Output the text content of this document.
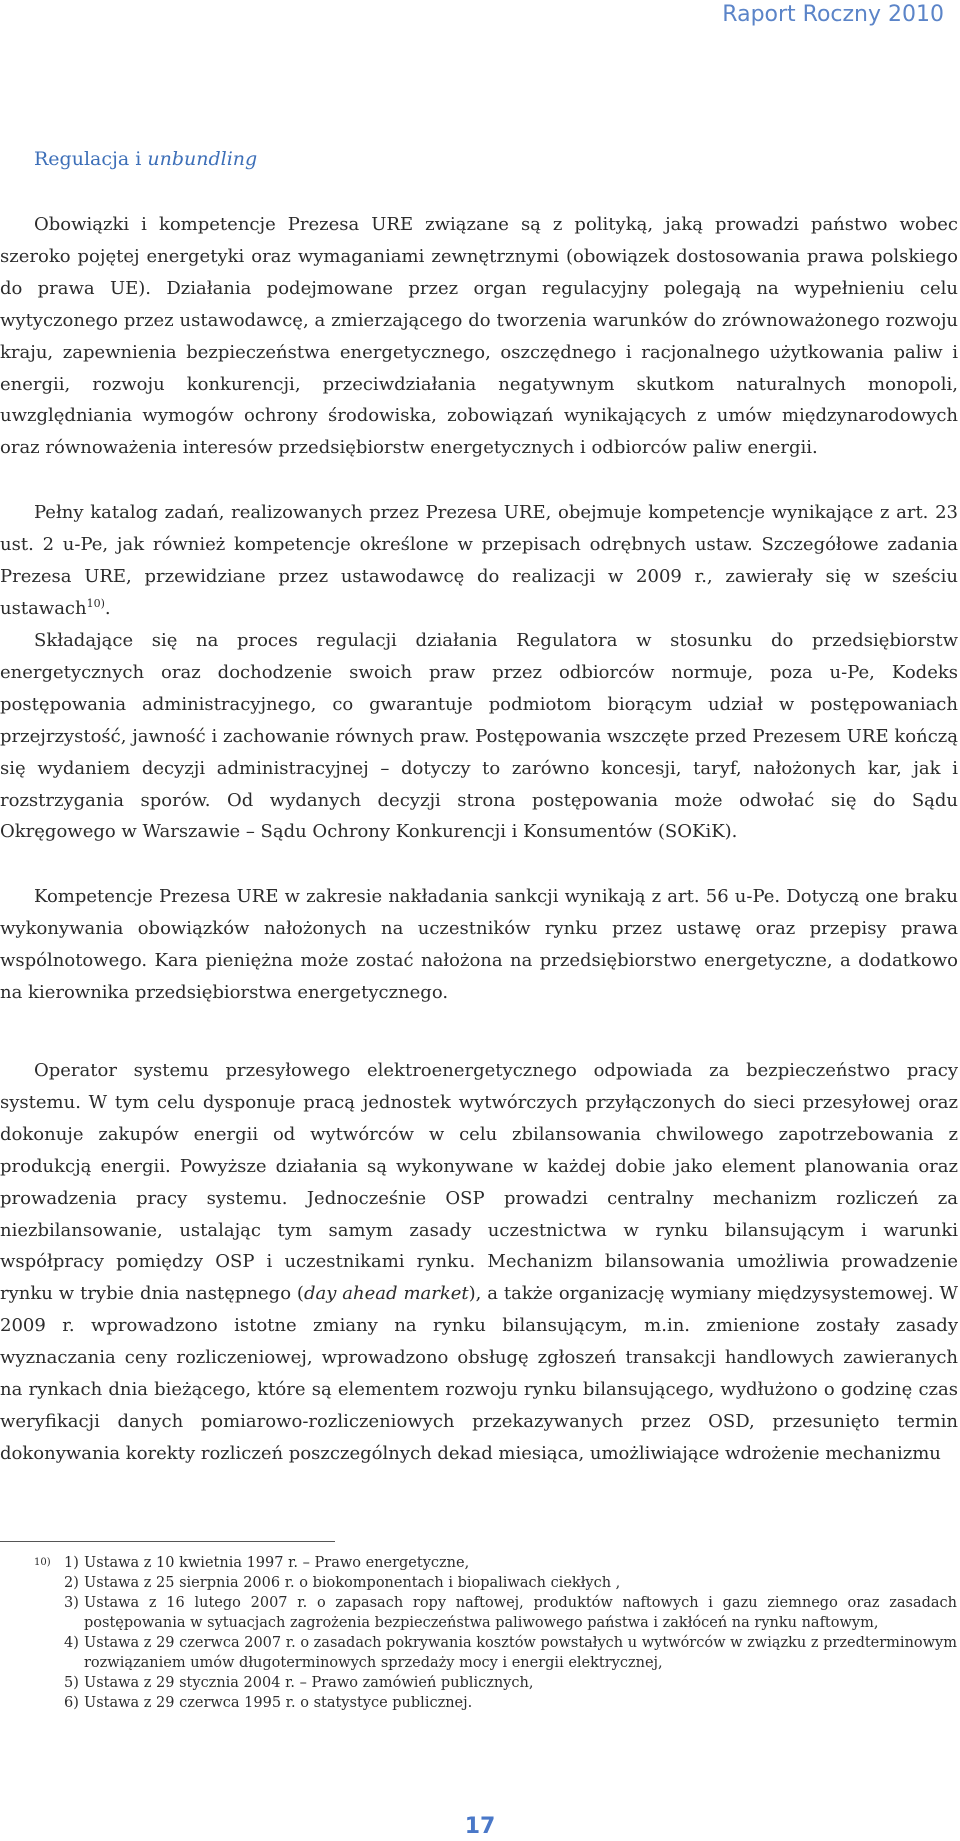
Raport Roczny 2010
Regulacja i unbundling

Obowiązki i kompetencje Prezesa URE związane są z polityką, jaką prowadzi państwo wobec szeroko pojętej energetyki oraz wymaganiami zewnętrznymi (obowiązek dostosowania prawa polskiego do prawa UE). Działania podejmowane przez organ regulacyjny polegają na wypełnieniu celu wytyczonego przez ustawodawcę, a zmierzającego do tworzenia warunków do zrównoważonego rozwoju kraju, zapewnienia bezpieczeństwa energetycznego, oszczędnego i racjonalnego użytkowania paliw i energii, rozwoju konkurencji, przeciwdziałania negatywnym skutkom naturalnych monopoli, uwzględniania wymogów ochrony środowiska, zobowiązań wynikających z umów międzynarodowych oraz równoważenia interesów przedsiębiorstw energetycznych i odbiorców paliw energii.

Pełny katalog zadań, realizowanych przez Prezesa URE, obejmuje kompetencje wynikające z art. 23 ust. 2 u-Pe, jak również kompetencje określone w przepisach odrębnych ustaw. Szczegółowe zadania Prezesa URE, przewidziane przez ustawodawcę do realizacji w 2009 r., zawierały się w sześciu ustawach$^{10)}$.

Składające się na proces regulacji działania Regulatora w stosunku do przedsiębiorstw energetycznych oraz dochodzenie swoich praw przez odbiorców normuje, poza u-Pe, Kodeks postępowania administracyjnego, co gwarantuje podmiotom biorącym udział w postępowaniach przejrzystość, jawność i zachowanie równych praw. Postępowania wszczęte przed Prezesem URE kończą się wydaniem decyzji administracyjnej – dotyczy to zarówno koncesji, taryf, nałożonych kar, jak i rozstrzygania sporów. Od wydanych decyzji strona postępowania może odwołać się do Sądu Okręgowego w Warszawie – Sądu Ochrony Konkurencji i Konsumentów (SOKiK).

Kompetencje Prezesa URE w zakresie nakładania sankcji wynikają z art. 56 u-Pe. Dotyczą one braku wykonywania obowiązków nałożonych na uczestników rynku przez ustawę oraz przepisy prawa wspólnotowego. Kara pieniężna może zostać nałożona na przedsiębiorstwo energetyczne, a dodatkowo na kierownika przedsiębiorstwa energetycznego.

Operator systemu przesyłowego elektroenergetycznego odpowiada za bezpieczeństwo pracy systemu. W tym celu dysponuje pracą jednostek wytwórczych przyłączonych do sieci przesyłowej oraz dokonuje zakupów energii od wytwórców w celu zbilansowania chwilowego zapotrzebowania z produkcją energii. Powyższe działania są wykonywane w każdej dobie jako element planowania oraz prowadzenia pracy systemu. Jednocześnie OSP prowadzi centralny mechanizm rozliczeń za niezbilansowanie, ustalając tym samym zasady uczestnictwa w rynku bilansującym i warunki współpracy pomiędzy OSP i uczestnikami rynku. Mechanizm bilansowania umożliwia prowadzenie rynku w trybie dnia następnego (day ahead market), a także organizację wymiany międzysystemowej. W 2009 r. wprowadzono istotne zmiany na rynku bilansującym, m.in. zmienione zostały zasady wyznaczania ceny rozliczeniowej, wprowadzono obsługę zgłoszeń transakcji handlowych zawieranych na rynkach dnia bieżącego, które są elementem rozwoju rynku bilansującego, wydłużono o godzinę czas weryfikacji danych pomiarowo-rozliczeniowych przekazywanych przez OSD, przesunięto termin dokonywania korekty rozliczeń poszczególnych dekad miesiąca, umożliwiające wdrożenie mechanizmu

10) 1) Ustawa z 10 kwietnia 1997 r. – Prawo energetyczne,
2) Ustawa z 25 sierpnia 2006 r. o biokomponentach i biopaliwach ciekłych ,
3) Ustawa z 16 lutego 2007 r. o zapasach ropy naftowej, produktów naftowych i gazu ziemnego oraz zasadach postępowania w sytuacjach zagrożenia bezpieczeństwa paliwowego państwa i zakłóceń na rynku naftowym,
4) Ustawa z 29 czerwca 2007 r. o zasadach pokrywania kosztów powstałych u wytwórców w związku z przedterminowym rozwiązaniem umów długoterminowych sprzedaży mocy i energii elektrycznej,
5) Ustawa z 29 stycznia 2004 r. – Prawo zamówień publicznych,
6) Ustawa z 29 czerwca 1995 r. o statystyce publicznej.
17
